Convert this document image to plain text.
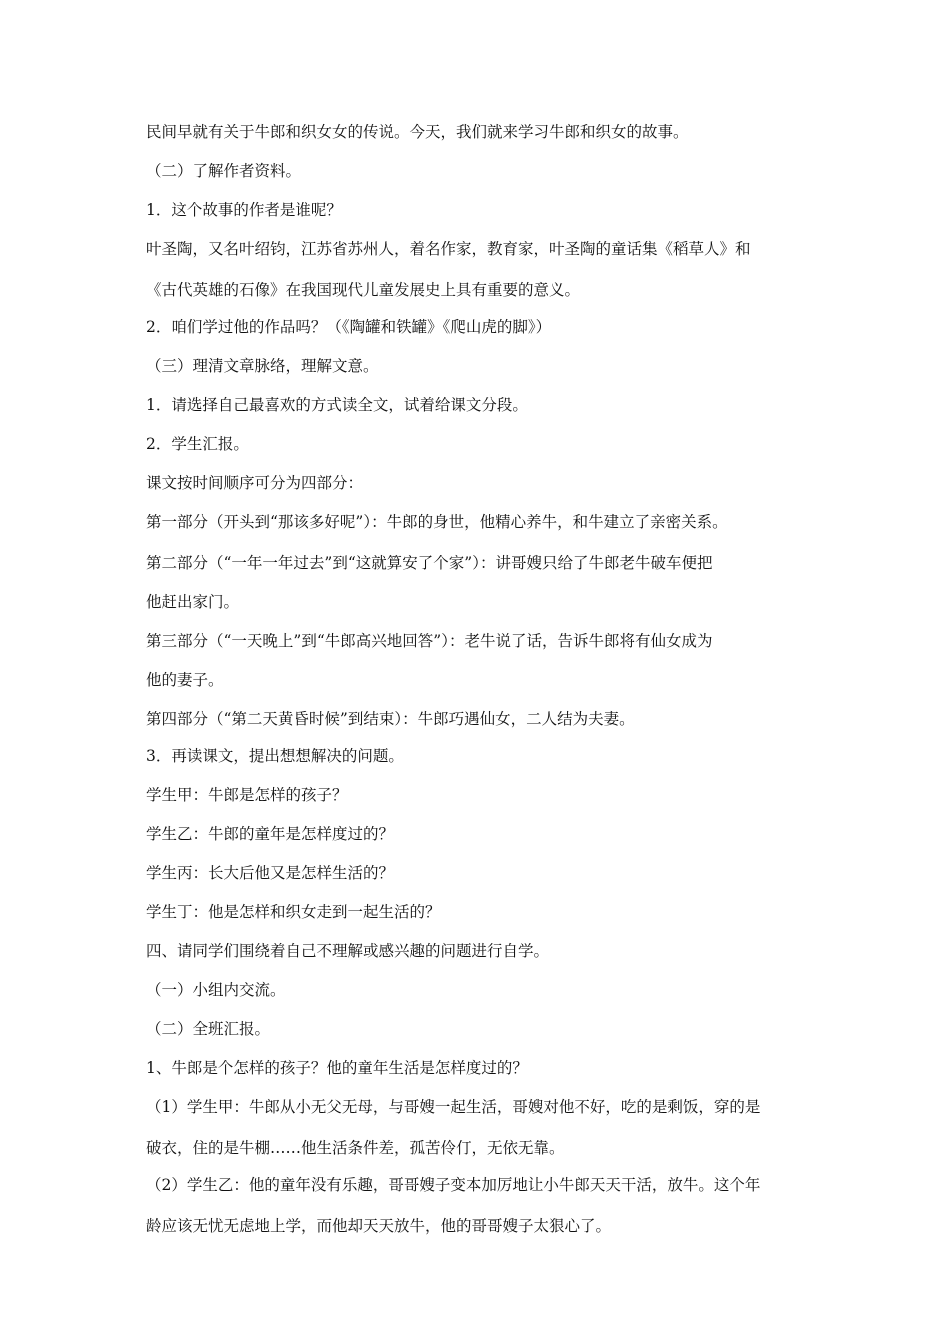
民间早就有关于牛郎和织女女的传说。今天，我们就来学习牛郎和织女的故事。

（二）了解作者资料。

1．这个故事的作者是谁呢？

叶圣陶，又名叶绍钧，江苏省苏州人，着名作家，教育家，叶圣陶的童话集《稻草人》和

《古代英雄的石像》在我国现代儿童发展史上具有重要的意义。

2．咱们学过他的作品吗？（《陶罐和铁罐》《爬山虎的脚》）

（三）理清文章脉络，理解文意。

1．请选择自己最喜欢的方式读全文，试着给课文分段。

2．学生汇报。

课文按时间顺序可分为四部分：

第一部分（开头到“那该多好呢”）：牛郎的身世，他精心养牛，和牛建立了亲密关系。

第二部分（“一年一年过去”到“这就算安了个家”）：讲哥嫂只给了牛郎老牛破车便把

他赶出家门。

第三部分（“一天晚上”到“牛郎高兴地回答”）：老牛说了话，告诉牛郎将有仙女成为

他的妻子。

第四部分（“第二天黄昏时候”到结束）：牛郎巧遇仙女，二人结为夫妻。

3．再读课文，提出想想解决的问题。

学生甲：牛郎是怎样的孩子？

学生乙：牛郎的童年是怎样度过的？

学生丙：长大后他又是怎样生活的？

学生丁：他是怎样和织女走到一起生活的？

四、请同学们围绕着自己不理解或感兴趣的问题进行自学。

（一）小组内交流。

（二）全班汇报。

1、牛郎是个怎样的孩子？他的童年生活是怎样度过的？

（1）学生甲：牛郎从小无父无母，与哥嫂一起生活，哥嫂对他不好，吃的是剩饭，穿的是

破衣，住的是牛棚……他生活条件差，孤苦伶仃，无依无靠。

（2）学生乙：他的童年没有乐趣，哥哥嫂子变本加厉地让小牛郎天天干活，放牛。这个年

龄应该无忧无虑地上学，而他却天天放牛，他的哥哥嫂子太狠心了。
